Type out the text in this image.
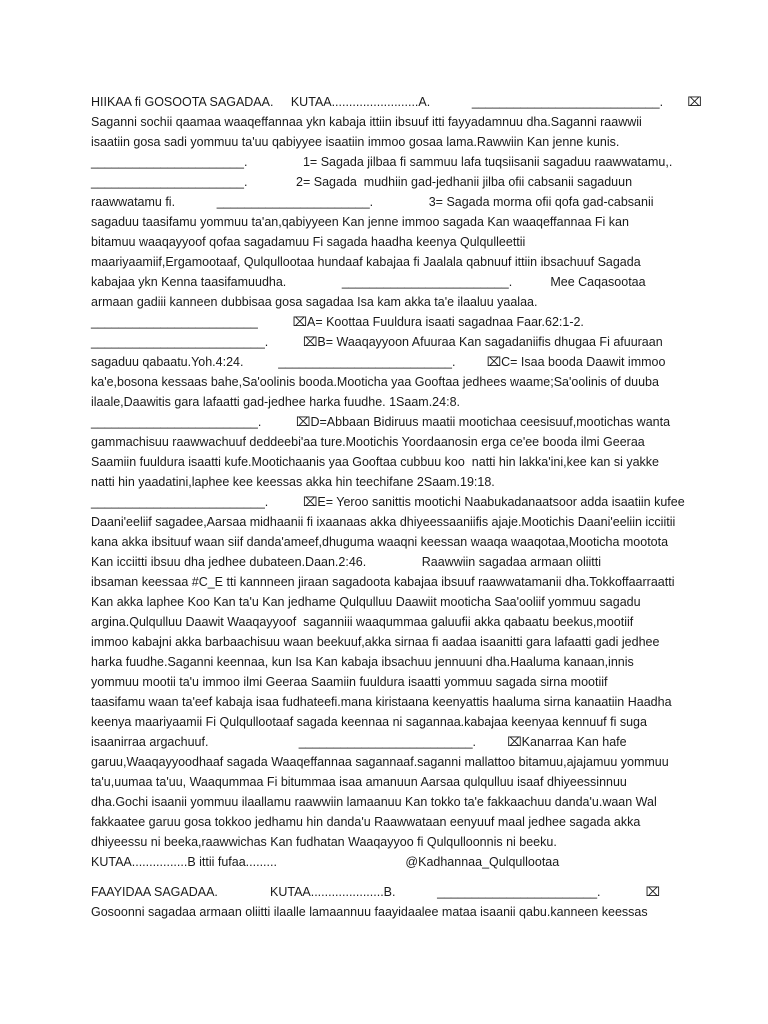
HIIKAA fi GOSOOTA SAGADAA.     KUTAA.........................A.            ___________________________.       ⌧
Saganni sochii qaamaa waaqeffannaa ykn kabaja ittiin ibsuuf itti fayyadamnuu dha.Saganni raawwii
isaatiin gosa sadi yommuu ta'uu qabiyyee isaatiin immoo gosaa lama.Rawwiin Kan jenne kunis.
______________________.                1= Sagada jilbaa fi sammuu lafa tuqsiisanii sagaduu raawwatamu,.
______________________.              2= Sagada  mudhiin gad-jedhanii jilba ofii cabsanii sagaduun
raawwatamu fi.            ______________________.                3= Sagada morma ofii qofa gad-cabsanii
sagaduu taasifamu yommuu ta'an,qabiyyeen Kan jenne immoo sagada Kan waaqeffannaa Fi kan
bitamuu waaqayyoof qofaa sagadamuu Fi sagada haadha keenya Qulqulleettii
maariyaamiif,Ergamootaaf, Qulqullootaa hundaaf kabajaa fi Jaalala qabnuuf ittiin ibsachuuf Sagada
kabajaa ykn Kenna taasifamuudha.                ________________________.           Mee Caqasootaa
armaan gadiii kanneen dubbisaa gosa sagadaa Isa kam akka ta'e ilaaluu yaalaa.
________________________          ⌧A= Koottaa Fuuldura isaati sagadnaa Faar.62:1-2.
_________________________.          ⌧B= Waaqayyoon Afuuraa Kan sagadaniifis dhugaa Fi afuuraan
sagaduu qabaatu.Yoh.4:24.          _________________________.         ⌧C= Isaa booda Daawit immoo
ka'e,bosona kessaas bahe,Sa'oolinis booda.Mooticha yaa Gooftaa jedhees waame;Sa'oolinis of duuba
ilaale,Daawitis gara lafaatti gad-jedhee harka fuudhe. 1Saam.24:8.
________________________.          ⌧D=Abbaan Bidiruus maatii mootichaa ceesisuuf,mootichas wanta
gammachisuu raawwachuuf deddeebi'aa ture.Mootichis Yoordaanosin erga ce'ee booda ilmi Geeraa
Saamiin fuuldura isaatti kufe.Mootichaanis yaa Gooftaa cubbuu koo  natti hin lakka'ini,kee kan si yakke
natti hin yaadatini,laphee kee keessas akka hin teechifane 2Saam.19:18.
_________________________.          ⌧E= Yeroo sanittis mootichi Naabukadanaatsoor adda isaatiin kufee
Daani'eeliif sagadee,Aarsaa midhaanii fi ixaanaas akka dhiyeessaaniifis ajaje.Mootichis Daani'eeliin icciitii
kana akka ibsituuf waan siif danda'ameef,dhuguma waaqni keessan waaqa waaqotaa,Mooticha mootota
Kan icciitti ibsuu dha jedhee dubateen.Daan.2:46.                Raawwiin sagadaa armaan oliitti
ibsaman keessaa #C_E tti kannneen jiraan sagadoota kabajaa ibsuuf raawwatamanii dha.Tokkoffaarraatti
Kan akka laphee Koo Kan ta'u Kan jedhame Qulqulluu Daawiit mooticha Saa'ooliif yommuu sagadu
argina.Qulqulluu Daawit Waaqayyoof  saganniii waaqummaa galuufii akka qabaatu beekus,mootiif
immoo kabajni akka barbaachisuu waan beekuuf,akka sirnaa fi aadaa isaanitti gara lafaatti gadi jedhee
harka fuudhe.Saganni keennaa, kun Isa Kan kabaja ibsachuu jennuuni dha.Haaluma kanaan,innis
yommuu mootii ta'u immoo ilmi Geeraa Saamiin fuuldura isaatti yommuu sagada sirna mootiif
taasifamu waan ta'eef kabaja isaa fudhateefi.mana kiristaana keenyattis haaluma sirna kanaatiin Haadha
keenya maariyaamii Fi Qulqullootaaf sagada keennaa ni sagannaa.kabajaa keenyaa kennuuf fi suga
isaanirraa argachuuf.                          _________________________.         ⌧Kanarraa Kan hafe
garuu,Waaqayyoodhaaf sagada Waaqeffannaa sagannaaf.saganni mallattoo bitamuu,ajajamuu yommuu
ta'u,uumaa ta'uu, Waaqummaa Fi bitummaa isaa amanuun Aarsaa qulqulluu isaaf dhiyeessinnuu
dha.Gochi isaanii yommuu ilaallamu raawwiin lamaanuu Kan tokko ta'e fakkaachuu danda'u.waan Wal
fakkaatee garuu gosa tokkoo jedhamu hin danda'u Raawwataan eenyuuf maal jedhee sagada akka
dhiyeessu ni beeka,raawwichas Kan fudhatan Waaqayyoo fi Qulqulloonnis ni beeku.
KUTAA................B ittii fufaa.........                                     @Kadhannaa_Qulqullootaa
FAAYIDAA SAGADAA.               KUTAA.....................B.            _______________________.             ⌧
Gosoonni sagadaa armaan oliitti ilaalle lamaannuu faayidaalee mataa isaanii qabu.kanneen keessas
